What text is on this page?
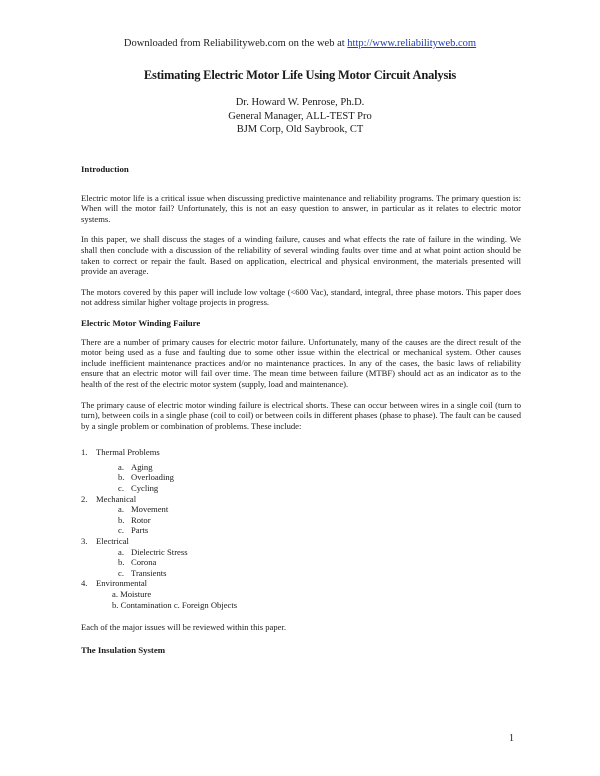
Downloaded from Reliabilityweb.com on the web at http://www.reliabilityweb.com
Estimating Electric Motor Life Using Motor Circuit Analysis
Dr. Howard W. Penrose, Ph.D.
General Manager, ALL-TEST Pro
BJM Corp, Old Saybrook, CT
Introduction
Electric motor life is a critical issue when discussing predictive maintenance and reliability programs. The primary question is: When will the motor fail? Unfortunately, this is not an easy question to answer, in particular as it relates to electric motor systems.
In this paper, we shall discuss the stages of a winding failure, causes and what effects the rate of failure in the winding. We shall then conclude with a discussion of the reliability of several winding faults over time and at what point action should be taken to correct or repair the fault. Based on application, electrical and physical environment, the materials presented will provide an average.
The motors covered by this paper will include low voltage (<600 Vac), standard, integral, three phase motors. This paper does not address similar higher voltage projects in progress.
Electric Motor Winding Failure
There are a number of primary causes for electric motor failure. Unfortunately, many of the causes are the direct result of the motor being used as a fuse and faulting due to some other issue within the electrical or mechanical system. Other causes include inefficient maintenance practices and/or no maintenance practices. In any of the cases, the basic laws of reliability ensure that an electric motor will fail over time. The mean time between failure (MTBF) should act as an indicator as to the health of the rest of the electric motor system (supply, load and maintenance).
The primary cause of electric motor winding failure is electrical shorts. These can occur between wires in a single coil (turn to turn), between coils in a single phase (coil to coil) or between coils in different phases (phase to phase). The fault can be caused by a single problem or combination of problems. These include:
1. Thermal Problems
a. Aging
b. Overloading
c. Cycling
2. Mechanical
a. Movement
b. Rotor
c. Parts
3. Electrical
a. Dielectric Stress
b. Corona
c. Transients
4. Environmental
a. Moisture
b. Contamination c. Foreign Objects
Each of the major issues will be reviewed within this paper.
The Insulation System
1
